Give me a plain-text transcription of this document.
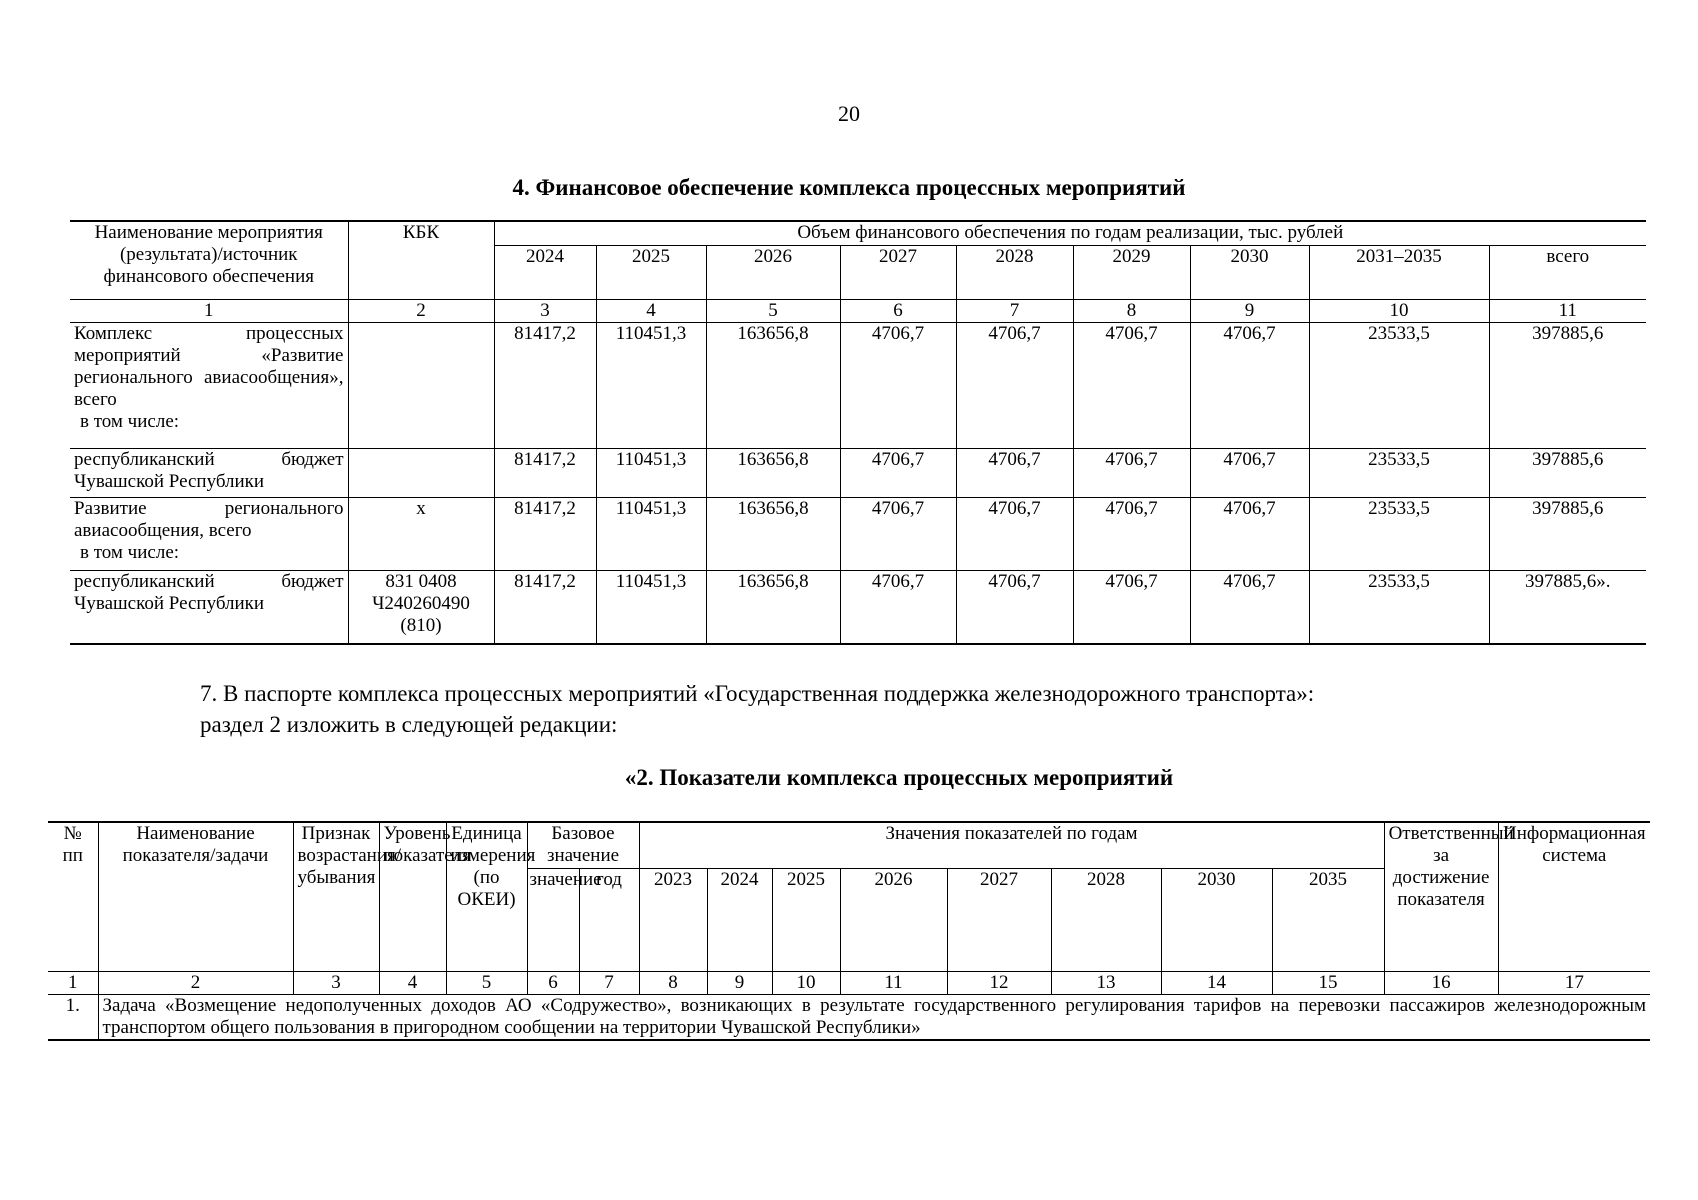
20
4. Финансовое обеспечение комплекса процессных мероприятий
Наименование мероприятия (результата)/источник финансового обеспечения	КБК	Объем финансового обеспечения по годам реализации, тыс. рублей								
		2024	2025	2026	2027	2028	2029	2030	2031–2035	всего
1	2	3	4	5	6	7	8	9	10	11

Комплекс процессных мероприятий «Развитие регионального авиасообщения», всего
в том числе:		81417,2	110451,3	163656,8	4706,7	4706,7	4706,7	4706,7	23533,5	397885,6

республиканский бюджет Чувашской Республики		81417,2	110451,3	163656,8	4706,7	4706,7	4706,7	4706,7	23533,5	397885,6

Развитие регионального авиасообщения, всего
в том числе:	х	81417,2	110451,3	163656,8	4706,7	4706,7	4706,7	4706,7	23533,5	397885,6

республиканский бюджет Чувашской Республики	831 0408 Ч240260490 (810)	81417,2	110451,3	163656,8	4706,7	4706,7	4706,7	4706,7	23533,5	397885,6».
7. В паспорте комплекса процессных мероприятий «Государственная поддержка железнодорожного транспорта»:
раздел 2 изложить в следующей редакции:
«2. Показатели комплекса процессных мероприятий
№ пп	Наименование показателя/задачи	Признак возрастания/ убывания	Уровень показателя	Единица измерения (по ОКЕИ)	Базовое значение		Значения показателей по годам								Ответственный за достижение показателя	Информационная система
					значение	год	2023	2024	2025	2026	2027	2028	2030	2035		
1	2	3	4	5	6	7	8	9	10	11	12	13	14	15	16	17
1.	Задача «Возмещение недополученных доходов АО «Содружество», возникающих в результате государственного регулирования тарифов на перевозки пассажиров железнодорожным транспортом общего пользования в пригородном сообщении на территории Чувашской Республики»															
